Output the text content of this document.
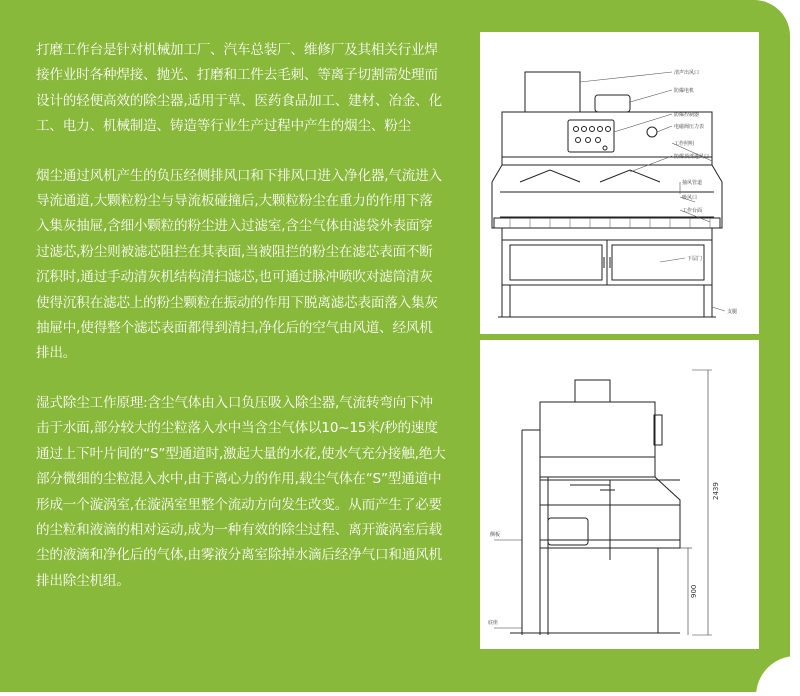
打磨工作台是针对机械加工厂、汽车总装厂、维修厂及其相关行业焊接作业时各种焊接、抛光、打磨和工件去毛刺、等离子切割需处理而设计的轻便高效的除尘器,适用于草、医药食品加工、建材、冶金、化工、电力、机械制造、铸造等行业生产过程中产生的烟尘、粉尘

烟尘通过风机产生的负压经侧排风口和下排风口进入净化器,气流进入导流通道,大颗粒粉尘与导流板碰撞后,大颗粒粉尘在重力的作用下落入集灰抽屉,含细小颗粒的粉尘进入过滤室,含尘气体由滤袋外表面穿过滤芯,粉尘则被滤芯阻拦在其表面,当被阻拦的粉尘在滤芯表面不断沉积时,通过手动清灰机结构清扫滤芯,也可通过脉冲喷吹对滤筒清灰使得沉积在滤芯上的粉尘颗粒在振动的作用下脱离滤芯表面落入集灰抽屉中,使得整个滤芯表面都得到清扫,净化后的空气由风道、经风机排出。

湿式除尘工作原理:含尘气体由入口负压吸入除尘器,气流转弯向下冲击于水面,部分较大的尘粒落入水中当含尘气体以10~15米/秒的速度通过上下叶片间的“S”型通道时,激起大量的水花,使水气充分接触,绝大部分微细的尘粒混入水中,由于离心力的作用,载尘气体在“S”型通道中形成一个漩涡室,在漩涡室里整个流动方向发生改变。从而产生了必要的尘粒和液滴的相对运动,成为一种有效的除尘过程、离开漩涡室后载尘的液滴和净化后的气体,由雾液分离室除掉水滴后经净气口和通风机排出除尘机组。

清声出风口
防爆电机
防爆控制器
电磁阀压力表
工作照明
防爆顶部进风口
抽风管道
吸风口
工作台面
下层门
支腿
2439
900
侧板
底座
